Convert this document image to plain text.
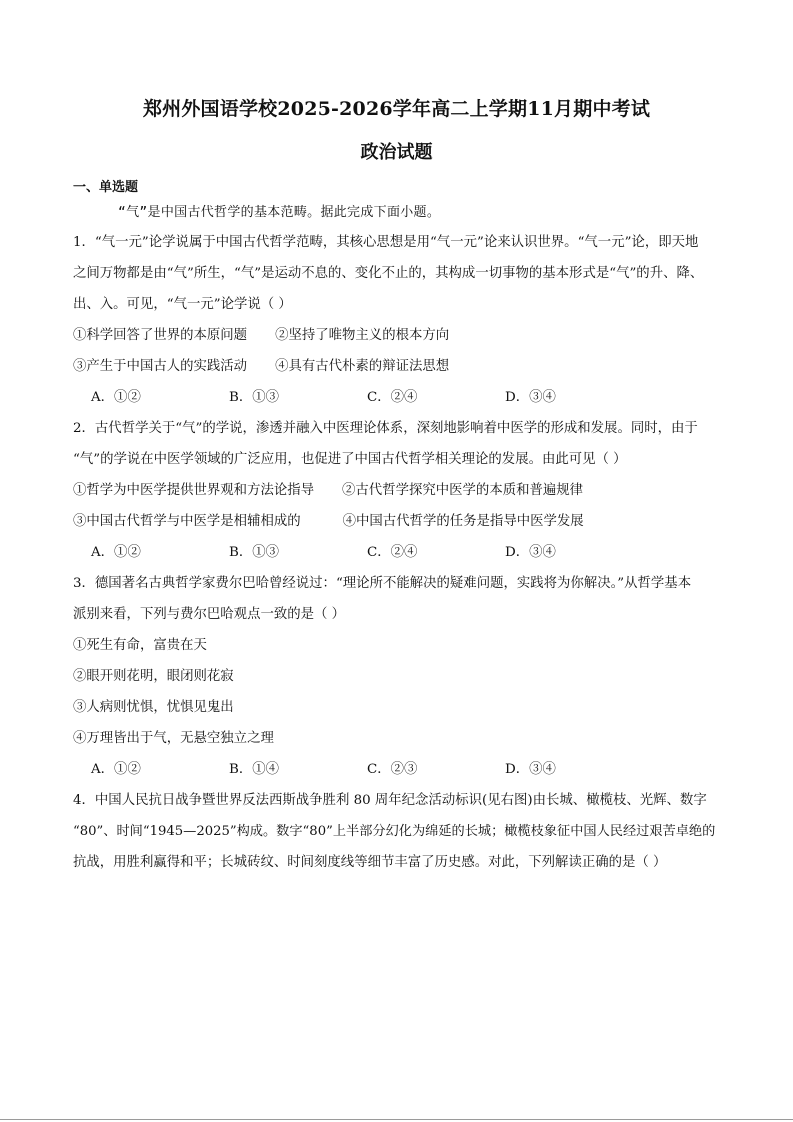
郑州外国语学校2025-2026学年高二上学期11月期中考试
政治试题
一、单选题
“气”是中国古代哲学的基本范畴。据此完成下面小题。
1．“气一元”论学说属于中国古代哲学范畴，其核心思想是用“气一元”论来认识世界。“气一元”论，即天地
之间万物都是由“气”所生，“气”是运动不息的、变化不止的，其构成一切事物的基本形式是“气”的升、降、
出、入。可见，“气一元”论学说（ ）
①科学回答了世界的本原问题 ②坚持了唯物主义的根本方向
③产生于中国古人的实践活动 ④具有古代朴素的辩证法思想
A．①②	B．①③	C．②④	D．③④
2．古代哲学关于“气”的学说，渗透并融入中医理论体系，深刻地影响着中医学的形成和发展。同时，由于
“气”的学说在中医学领域的广泛应用，也促进了中国古代哲学相关理论的发展。由此可见（ ）
①哲学为中医学提供世界观和方法论指导 ②古代哲学探究中医学的本质和普遍规律
③中国古代哲学与中医学是相辅相成的	④中国古代哲学的任务是指导中医学发展
A．①②	B．①③	C．②④	D．③④
3．德国著名古典哲学家费尔巴哈曾经说过：“理论所不能解决的疑难问题，实践将为你解决。”从哲学基本
派别来看，下列与费尔巴哈观点一致的是（ ）
①死生有命，富贵在天
②眼开则花明，眼闭则花寂
③人病则忧惧，忧惧见鬼出
④万理皆出于气，无悬空独立之理
A．①②	B．①④	C．②③	D．③④
4．中国人民抗日战争暨世界反法西斯战争胜利 80 周年纪念活动标识(见右图)由长城、橄榄枝、光辉、数字
“80”、时间“1945—2025”构成。数字“80”上半部分幻化为绵延的长城；橄榄枝象征中国人民经过艰苦卓绝的
抗战，用胜利赢得和平；长城砖纹、时间刻度线等细节丰富了历史感。对此，下列解读正确的是（ ）
